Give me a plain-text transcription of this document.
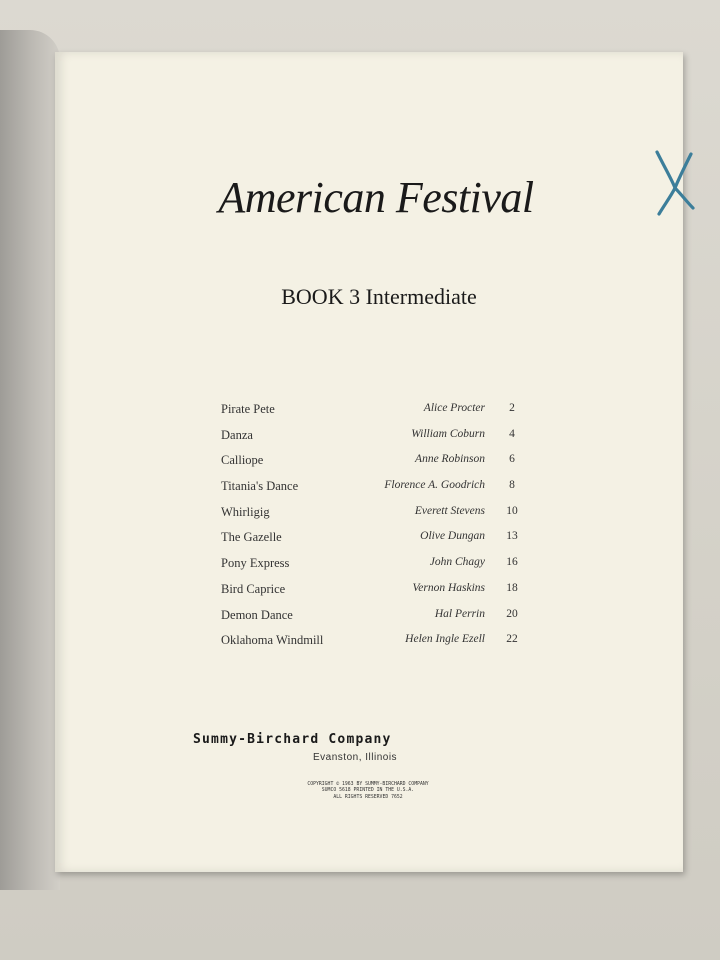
American Festival
BOOK 3 Intermediate
Pirate Pete	Alice Procter	2
Danza	William Coburn	4
Calliope	Anne Robinson	6
Titania's Dance	Florence A. Goodrich	8
Whirligig	Everett Stevens	10
The Gazelle	Olive Dungan	13
Pony Express	John Chagy	16
Bird Caprice	Vernon Haskins	18
Demon Dance	Hal Perrin	20
Oklahoma Windmill	Helen Ingle Ezell	22
Summy-Birchard Company
Evanston, Illinois
COPYRIGHT © 1963 BY SUMMY-BIRCHARD COMPANY
SUMCO 5618 PRINTED IN THE U.S.A.
ALL RIGHTS RESERVED 7652
